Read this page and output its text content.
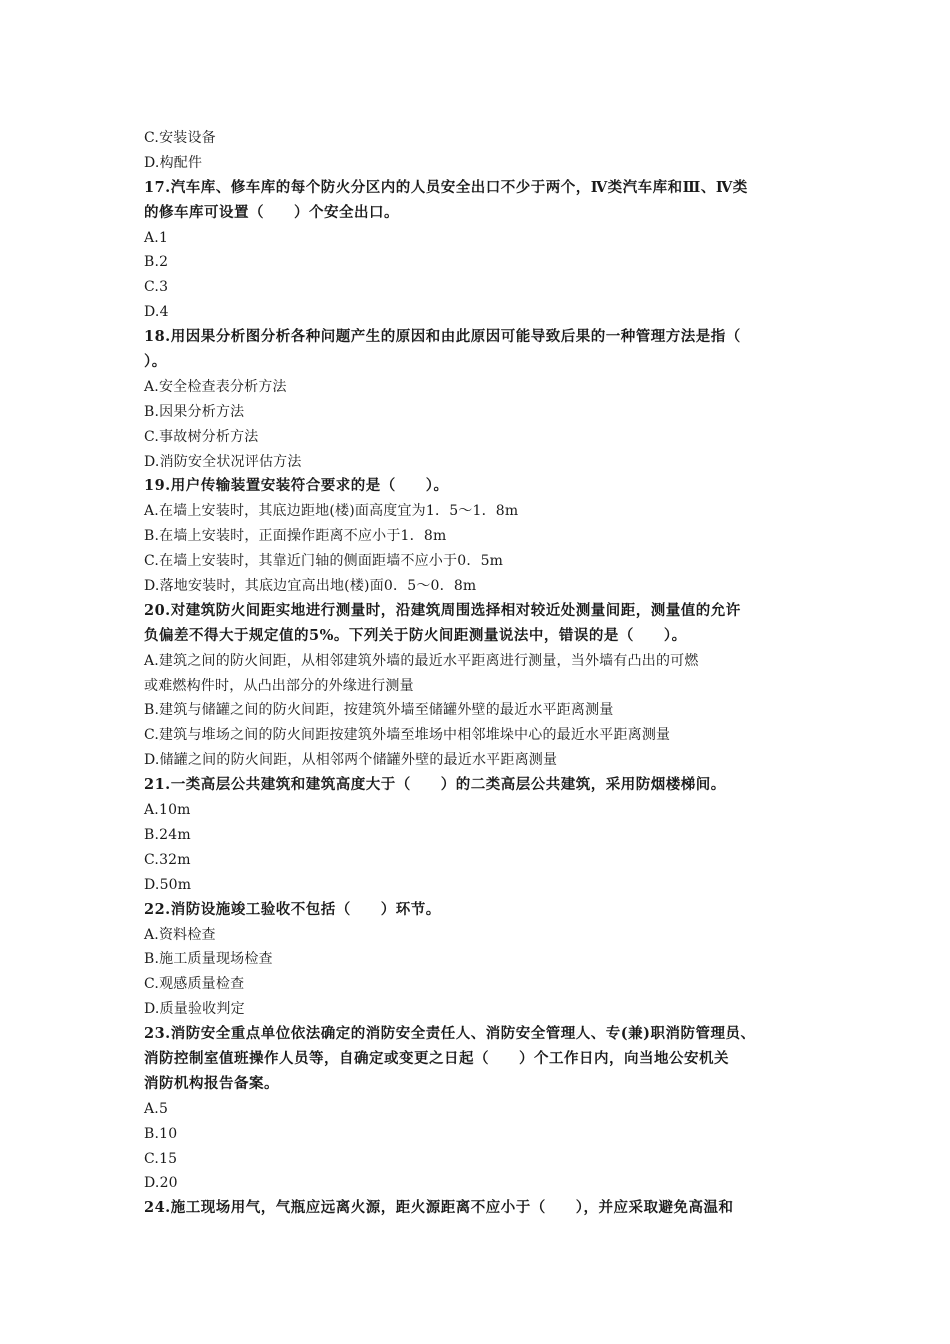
C.安装设备
D.构配件
17.汽车库、修车库的每个防火分区内的人员安全出口不少于两个，Ⅳ类汽车库和Ⅲ、Ⅳ类
的修车库可设置（　　）个安全出口。
A.1
B.2
C.3
D.4
18.用因果分析图分析各种问题产生的原因和由此原因可能导致后果的一种管理方法是指（
）。
A.安全检查表分析方法
B.因果分析方法
C.事故树分析方法
D.消防安全状况评估方法
19.用户传输装置安装符合要求的是（　　）。
A.在墙上安装时，其底边距地(楼)面高度宜为1．5～1．8m
B.在墙上安装时，正面操作距离不应小于1．8m
C.在墙上安装时，其靠近门轴的侧面距墙不应小于0．5m
D.落地安装时，其底边宜高出地(楼)面0．5～0．8m
20.对建筑防火间距实地进行测量时，沿建筑周围选择相对较近处测量间距，测量值的允许
负偏差不得大于规定值的5%。下列关于防火间距测量说法中，错误的是（　　）。
A.建筑之间的防火间距，从相邻建筑外墙的最近水平距离进行测量，当外墙有凸出的可燃
或难燃构件时，从凸出部分的外缘进行测量
B.建筑与储罐之间的防火间距，按建筑外墙至储罐外壁的最近水平距离测量
C.建筑与堆场之间的防火间距按建筑外墙至堆场中相邻堆垛中心的最近水平距离测量
D.储罐之间的防火间距，从相邻两个储罐外壁的最近水平距离测量
21.一类高层公共建筑和建筑高度大于（　　）的二类高层公共建筑，采用防烟楼梯间。
A.10m
B.24m
C.32m
D.50m
22.消防设施竣工验收不包括（　　）环节。
A.资料检查
B.施工质量现场检查
C.观感质量检查
D.质量验收判定
23.消防安全重点单位依法确定的消防安全责任人、消防安全管理人、专(兼)职消防管理员、
消防控制室值班操作人员等，自确定或变更之日起（　　）个工作日内，向当地公安机关
消防机构报告备案。
A.5
B.10
C.15
D.20
24.施工现场用气，气瓶应远离火源，距火源距离不应小于（　　），并应采取避免高温和
